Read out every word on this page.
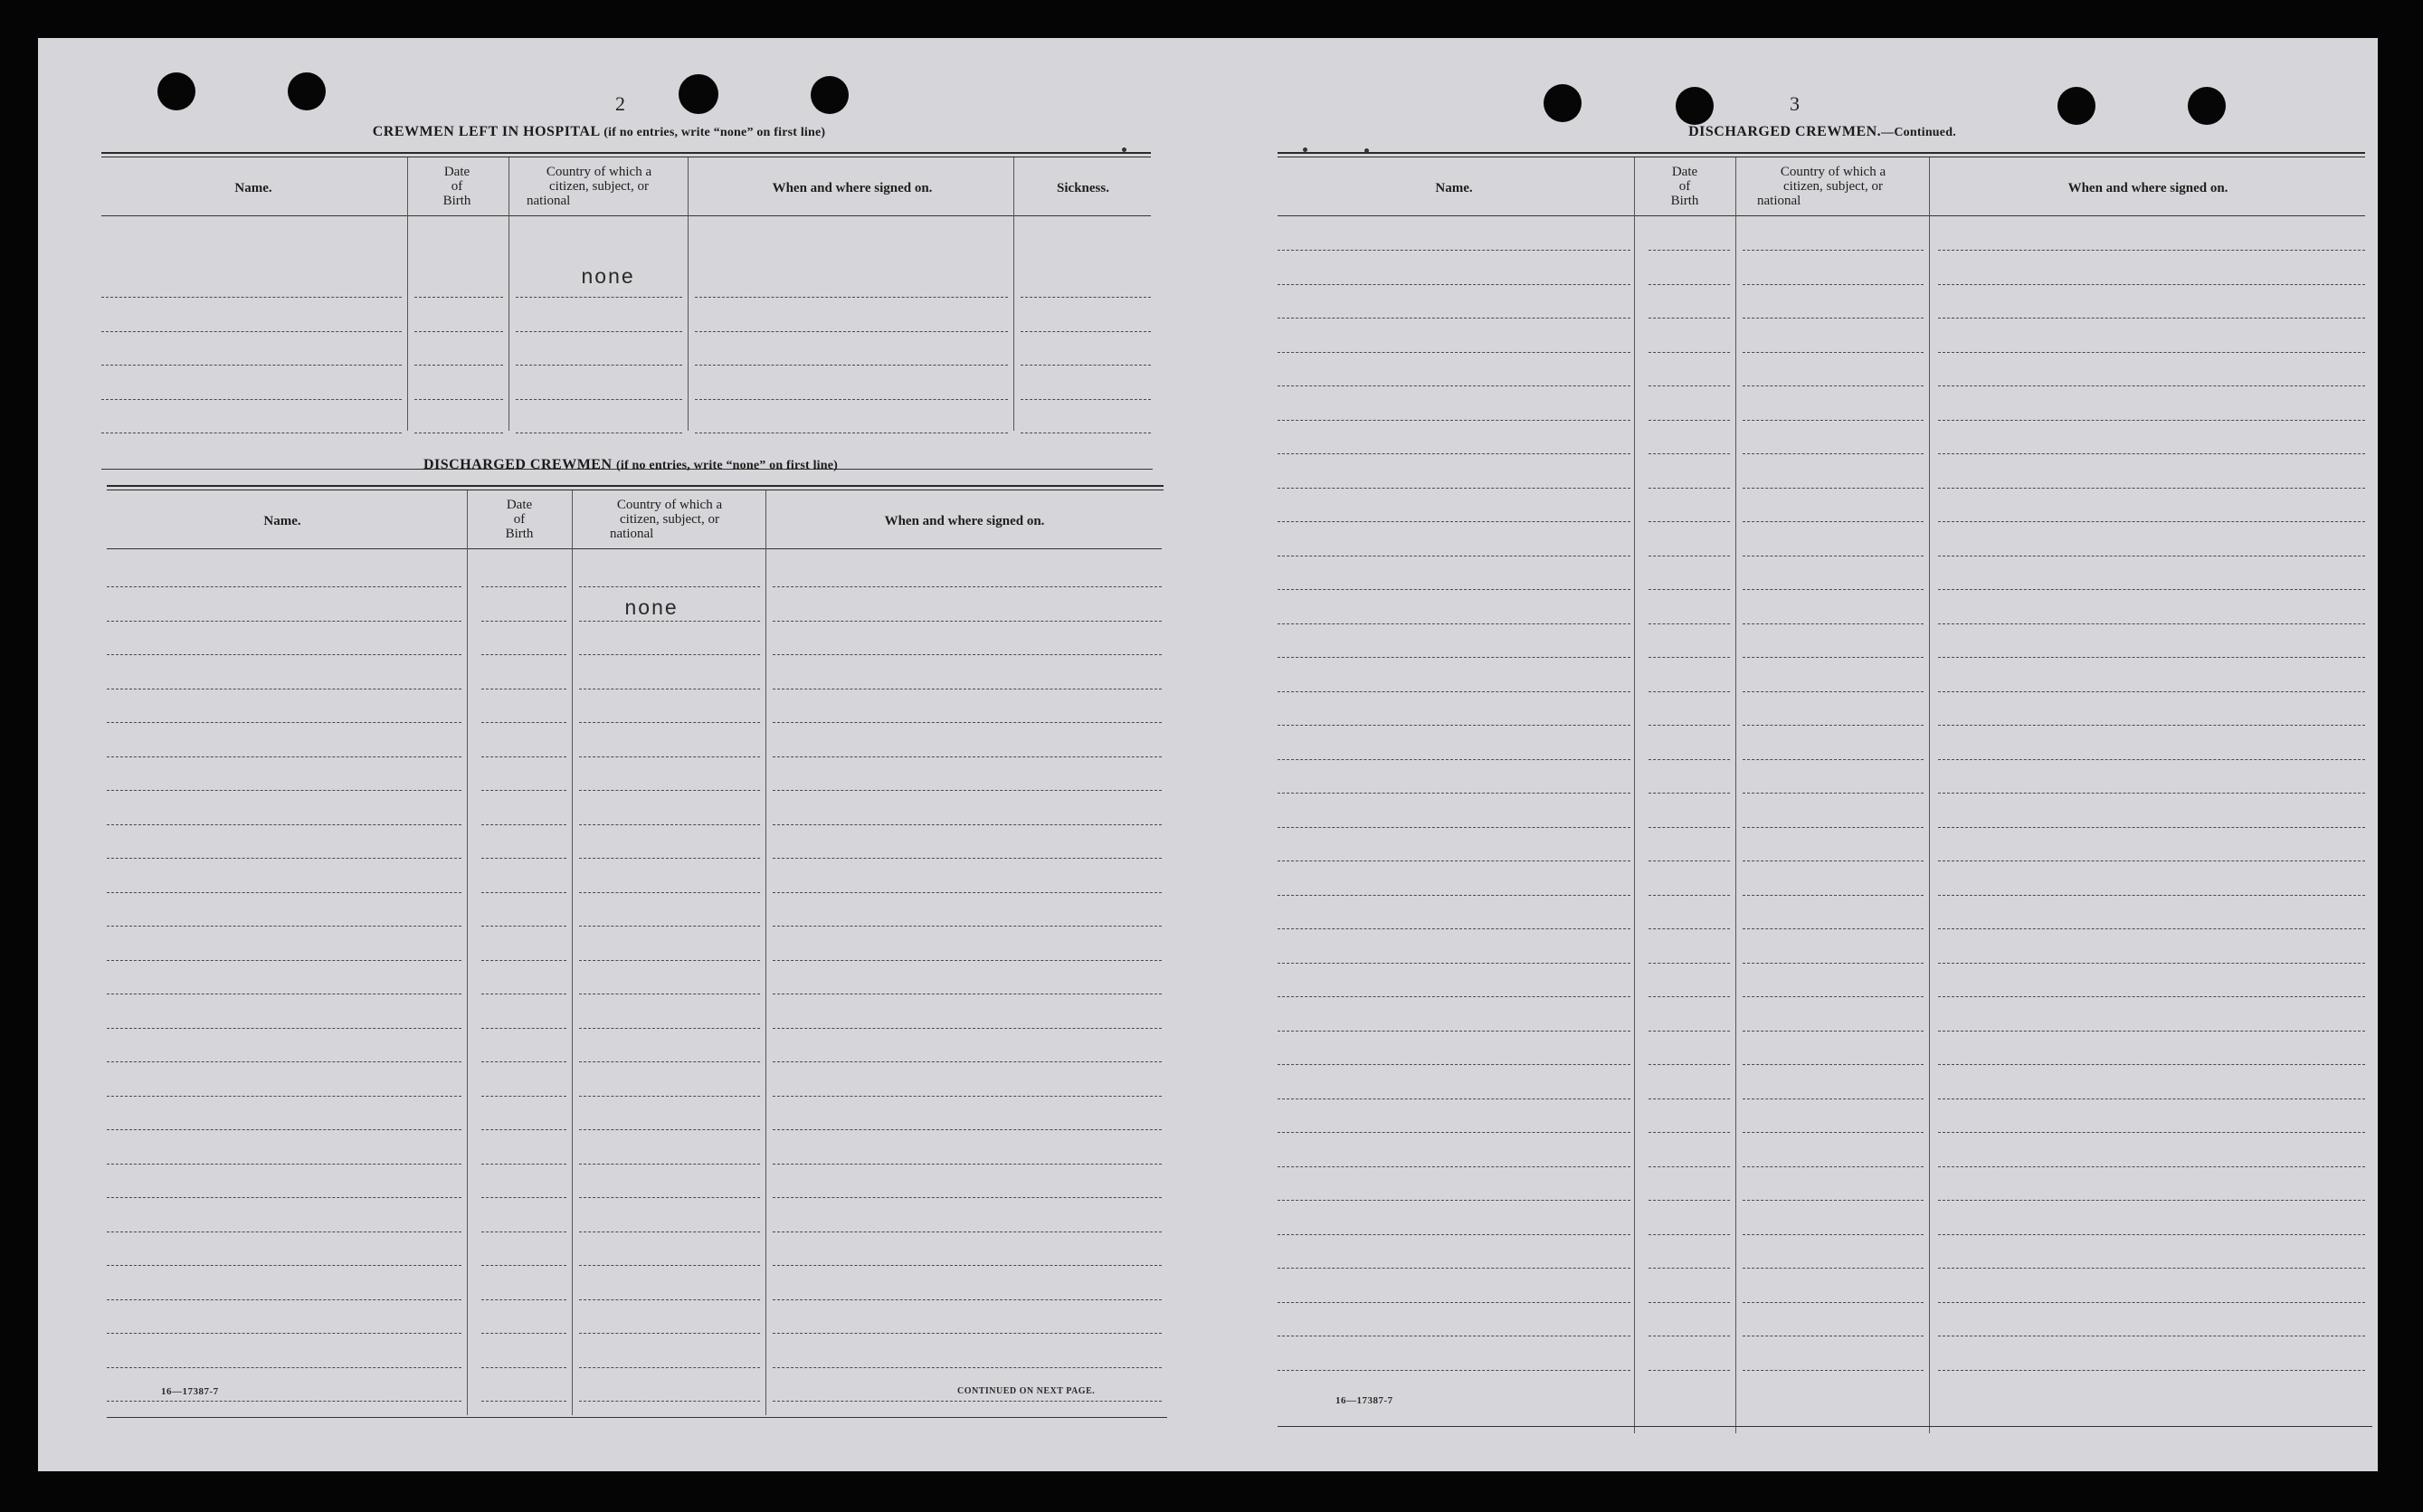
2
CREWMEN LEFT IN HOSPITAL (if no entries, write “none” on first line)
Name.
Date
of
Birth
Country of which a
citizen, subject, or
national
When and where signed on.	Sickness.
none
DISCHARGED CREWMEN (if no entries, write “none” on first line)
Name.
Date
of
Birth
Country of which a
citizen, subject, or
national
When and where signed on.
none
16—17387-7	CONTINUED ON NEXT PAGE.
3
DISCHARGED CREWMEN.—Continued.
Name.
Date
of
Birth
Country of which a
citizen, subject, or
national
When and where signed on.
16—17387-7
